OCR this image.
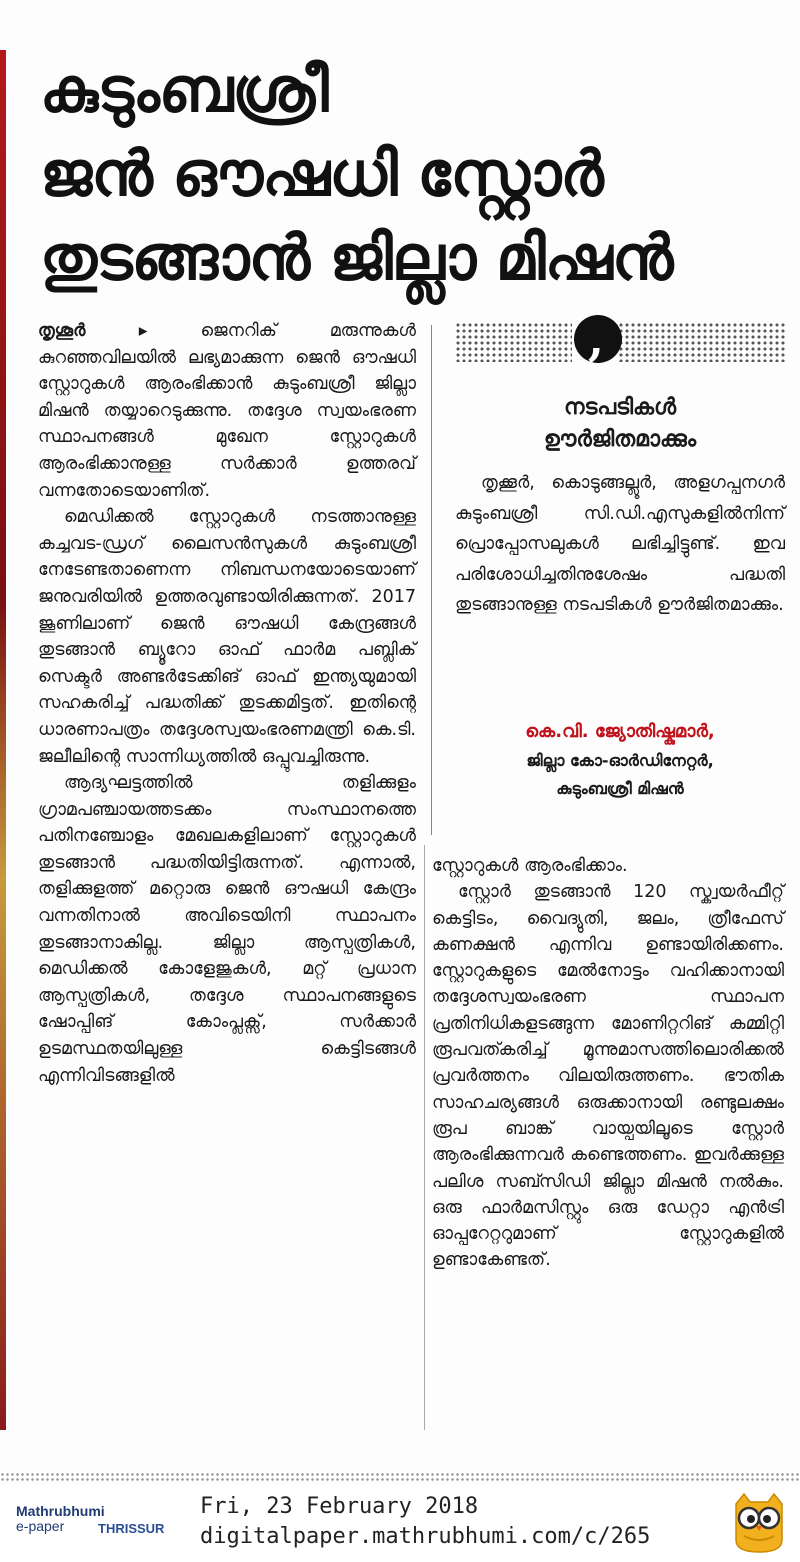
കുടുംബശ്രീ
ജൻ ഔഷധി സ്റ്റോർ
തുടങ്ങാൻ ജില്ലാ മിഷൻ

തൃശൂർ ▸	ജെനറിക് മരുന്നുകൾ കുറഞ്ഞവിലയിൽ ലഭ്യമാക്കുന്ന ജെൻ ഔഷധി സ്റ്റോറുകൾ ആരംഭിക്കാൻ കുടുംബശ്രീ ജില്ലാ മിഷൻ തയ്യാറെടുക്കുന്നു. തദ്ദേശ സ്വയംഭരണ സ്ഥാപനങ്ങൾ മുഖേന സ്റ്റോറുകൾ ആരംഭിക്കാനുള്ള സർക്കാർ ഉത്തരവ് വന്നതോടെയാണിത്.

മെഡിക്കൽ സ്റ്റോറുകൾ നടത്താനുള്ള കച്ചവട-ഡ്രഗ് ലൈസൻസുകൾ കുടുംബശ്രീ നേടേണ്ടതാണെന്ന നിബന്ധനയോടെയാണ് ജനുവരിയിൽ ഉത്തരവുണ്ടായിരിക്കുന്നത്. 2017 ജൂണിലാണ് ജെൻ ഔഷധി കേന്ദ്രങ്ങൾ തുടങ്ങാൻ ബ്യൂറോ ഓഫ് ഫാർമ പബ്ലിക് സെക്ടർ അണ്ടർടേക്കിങ് ഓഫ് ഇന്ത്യയുമായി സഹകരിച്ച് പദ്ധതിക്ക് തുടക്കമിട്ടത്. ഇതിന്റെ ധാരണാപത്രം തദ്ദേശസ്വയംഭരണമന്ത്രി കെ.ടി. ജലീലിന്റെ സാന്നിധ്യത്തിൽ ഒപ്പുവച്ചിരുന്നു.

ആദ്യഘട്ടത്തിൽ തളിക്കുളം ഗ്രാമപഞ്ചായത്തടക്കം സംസ്ഥാനത്തെ പതിനഞ്ചോളം മേഖലകളിലാണ് സ്റ്റോറുകൾ തുടങ്ങാൻ പദ്ധതിയിട്ടിരുന്നത്. എന്നാൽ, തളിക്കുളത്ത് മറ്റൊരു ജെൻ ഔഷധി കേന്ദ്രം വന്നതിനാൽ അവിടെയിനി സ്ഥാപനം തുടങ്ങാനാകില്ല. ജില്ലാ ആസ്പത്രികൾ, മെഡിക്കൽ കോളേജുകൾ, മറ്റ് പ്രധാന ആസ്പത്രികൾ, തദ്ദേശ സ്ഥാപനങ്ങളുടെ ഷോപ്പിങ് കോംപ്ലക്സ്, സർക്കാർ ഉടമസ്ഥതയിലുള്ള കെട്ടിടങ്ങൾ എന്നിവിടങ്ങളിൽ

,
നടപടികൾ
ഊർജിതമാക്കും
തൃക്കൂർ, കൊടുങ്ങല്ലൂർ, അളഗപ്പനഗർ കുടുംബശ്രീ സി.ഡി.എസുകളിൽനിന്ന് പ്രൊപ്പോസലുകൾ ലഭിച്ചിട്ടുണ്ട്. ഇവ പരിശോധിച്ചതിനുശേഷം പദ്ധതി തുടങ്ങാനുള്ള നടപടികൾ ഊർജിതമാക്കും.
കെ.വി. ജ്യോതിഷ്കുമാർ,
ജില്ലാ കോ-ഓർഡിനേറ്റർ,
കുടുംബശ്രീ മിഷൻ

സ്റ്റോറുകൾ ആരംഭിക്കാം.

സ്റ്റോർ തുടങ്ങാൻ 120 സ്ക്വയർഫീറ്റ് കെട്ടിടം, വൈദ്യുതി, ജലം, ത്രീഫേസ് കണക്ഷൻ എന്നിവ ഉണ്ടായിരിക്കണം. സ്റ്റോറുകളുടെ മേൽനോട്ടം വഹിക്കാനായി തദ്ദേശസ്വയംഭരണ സ്ഥാപന പ്രതിനിധികളടങ്ങുന്ന മോണിറ്ററിങ് കമ്മിറ്റി രൂപവത്കരിച്ച് മൂന്നുമാസത്തിലൊരിക്കൽ പ്രവർത്തനം വിലയിരുത്തണം. ഭൗതിക സാഹചര്യങ്ങൾ ഒരുക്കാനായി രണ്ടുലക്ഷം രൂപ ബാങ്ക് വായ്പയിലൂടെ സ്റ്റോർ ആരംഭിക്കുന്നവർ കണ്ടെത്തണം. ഇവർക്കുള്ള പലിശ സബ്സിഡി ജില്ലാ മിഷൻ നൽകും. ഒരു ഫാർമസിസ്റ്റും ഒരു ഡേറ്റാ എൻട്രി ഓപ്പറേറ്ററുമാണ് സ്റ്റോറുകളിൽ ഉണ്ടാകേണ്ടത്.

Mathrubhumi
e-paper	THRISSUR
Fri, 23 February 2018
digitalpaper.mathrubhumi.com/c/265
